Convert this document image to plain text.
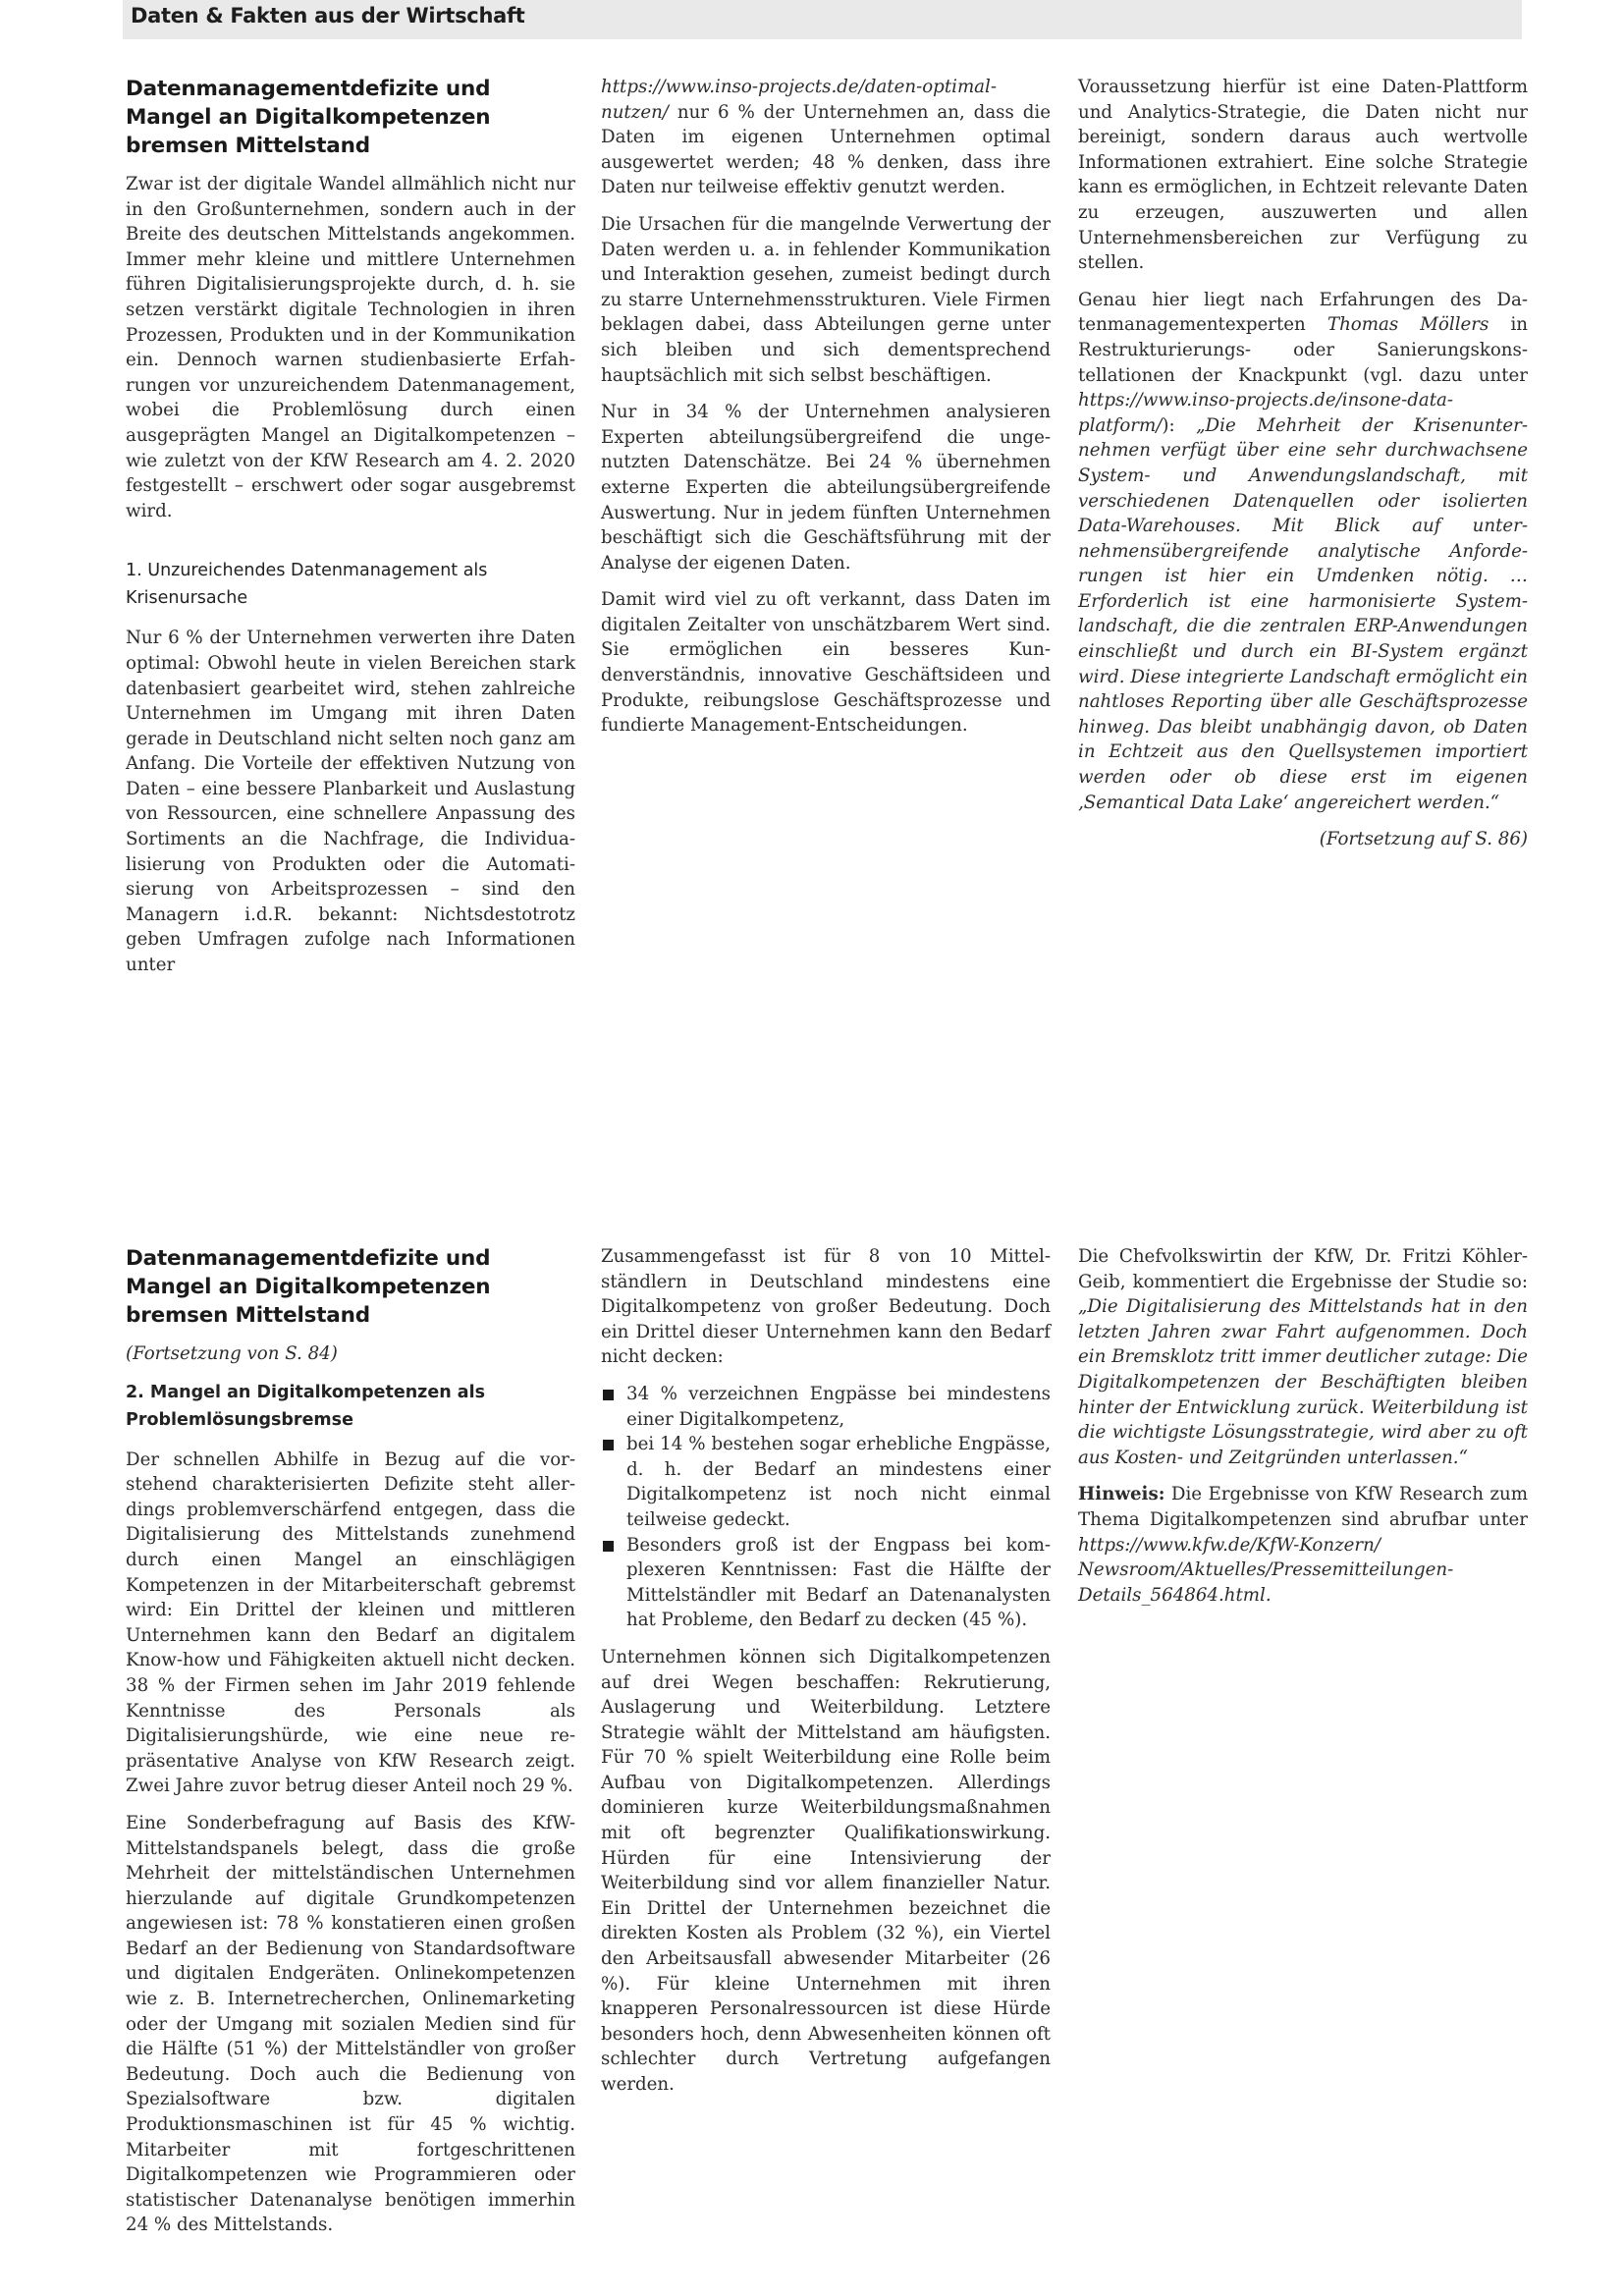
Daten & Fakten aus der Wirtschaft
Datenmanagementdefizite und Mangel an Digitalkompetenzen bremsen Mittelstand

Zwar ist der digitale Wandel allmählich nicht nur in den Großunternehmen, sondern auch in der Breite des deutschen Mittelstands angekommen. Immer mehr kleine und mittlere Unternehmen führen Digitalisierungsprojekte durch, d. h. sie setzen verstärkt digitale Technologien in ihren Prozessen, Produkten und in der Kommunikation ein. Dennoch warnen studienbasierte Erfahrungen vor unzureichendem Datenmanagement, wobei die Problemlösung durch einen ausgeprägten Mangel an Digitalkompetenzen – wie zuletzt von der KfW Research am 4. 2. 2020 festgestellt – erschwert oder sogar ausgebremst wird.

1. Unzureichendes Datenmanagement als Krisenursache

Nur 6 % der Unternehmen verwerten ihre Daten optimal: Obwohl heute in vielen Bereichen stark datenbasiert gearbeitet wird, stehen zahlreiche Unternehmen im Umgang mit ihren Daten gerade in Deutschland nicht selten noch ganz am Anfang. Die Vorteile der effektiven Nutzung von Daten – eine bessere Planbarkeit und Auslastung von Ressourcen, eine schnellere Anpassung des Sortiments an die Nachfrage, die Individualisierung von Produkten oder die Automatisierung von Arbeitsprozessen – sind den Managern i.d.R. bekannt: Nichtsdestotrotz geben Umfragen zufolge nach Informationen unter

https://www.inso-projects.de/daten-optimal-nutzen/ nur 6 % der Unternehmen an, dass die Daten im eigenen Unternehmen optimal ausgewertet werden; 48 % denken, dass ihre Daten nur teilweise effektiv genutzt werden.

Die Ursachen für die mangelnde Verwertung der Daten werden u. a. in fehlender Kommunikation und Interaktion gesehen, zumeist bedingt durch zu starre Unternehmensstrukturen. Viele Firmen beklagen dabei, dass Abteilungen gerne unter sich bleiben und sich dementsprechend hauptsächlich mit sich selbst beschäftigen.

Nur in 34 % der Unternehmen analysieren Experten abteilungsübergreifend die ungenutzten Datenschätze. Bei 24 % übernehmen externe Experten die abteilungsübergreifende Auswertung. Nur in jedem fünften Unternehmen beschäftigt sich die Geschäftsführung mit der Analyse der eigenen Daten.

Damit wird viel zu oft verkannt, dass Daten im digitalen Zeitalter von unschätzbarem Wert sind. Sie ermöglichen ein besseres Kundenverständnis, innovative Geschäftsideen und Produkte, reibungslose Geschäftsprozesse und fundierte Management-Entscheidungen.

Voraussetzung hierfür ist eine Daten-Plattform und Analytics-Strategie, die Daten nicht nur bereinigt, sondern daraus auch wertvolle Informationen extrahiert. Eine solche Strategie kann es ermöglichen, in Echtzeit relevante Daten zu erzeugen, auszuwerten und allen Unternehmensbereichen zur Verfügung zu stellen.

Genau hier liegt nach Erfahrungen des Datenmanagementexperten Thomas Möllers in Restrukturierungs- oder Sanierungskonstellationen der Knackpunkt (vgl. dazu unter https://www.inso-projects.de/insone-dataplatform/): „Die Mehrheit der Krisenunternehmen verfügt über eine sehr durchwachsene System- und Anwendungslandschaft, mit verschiedenen Datenquellen oder isolierten Data-Warehouses. Mit Blick auf unternehmensübergreifende analytische Anforderungen ist hier ein Umdenken nötig. … Erforderlich ist eine harmonisierte Systemlandschaft, die die zentralen ERP-Anwendungen einschließt und durch ein BI-System ergänzt wird. Diese integrierte Landschaft ermöglicht ein nahtloses Reporting über alle Geschäftsprozesse hinweg. Das bleibt unabhängig davon, ob Daten in Echtzeit aus den Quellsystemen importiert werden oder ob diese erst im eigenen ‚Semantical Data Lake‘ angereichert werden.“

(Fortsetzung auf S. 86)

Datenmanagementdefizite und Mangel an Digitalkompetenzen bremsen Mittelstand

(Fortsetzung von S. 84)

2. Mangel an Digitalkompetenzen als Problemlösungsbremse

Der schnellen Abhilfe in Bezug auf die vorstehend charakterisierten Defizite steht allerdings problemverschärfend entgegen, dass die Digitalisierung des Mittelstands zunehmend durch einen Mangel an einschlägigen Kompetenzen in der Mitarbeiterschaft gebremst wird: Ein Drittel der kleinen und mittleren Unternehmen kann den Bedarf an digitalem Know-how und Fähigkeiten aktuell nicht decken. 38 % der Firmen sehen im Jahr 2019 fehlende Kenntnisse des Personals als Digitalisierungshürde, wie eine neue repräsentative Analyse von KfW Research zeigt. Zwei Jahre zuvor betrug dieser Anteil noch 29 %.

Eine Sonderbefragung auf Basis des KfW-Mittelstandspanels belegt, dass die große Mehrheit der mittelständischen Unternehmen hierzulande auf digitale Grundkompetenzen angewiesen ist: 78 % konstatieren einen großen Bedarf an der Bedienung von Standardsoftware und digitalen Endgeräten. Onlinekompetenzen wie z. B. Internetrecherchen, Onlinemarketing oder der Umgang mit sozialen Medien sind für die Hälfte (51 %) der Mittelständler von großer Bedeutung. Doch auch die Bedienung von Spezialsoftware bzw. digitalen Produktionsmaschinen ist für 45 % wichtig. Mitarbeiter mit fortgeschrittenen Digitalkompetenzen wie Programmieren oder statistischer Datenanalyse benötigen immerhin 24 % des Mittelstands.

Zusammengefasst ist für 8 von 10 Mittelständlern in Deutschland mindestens eine Digitalkompetenz von großer Bedeutung. Doch ein Drittel dieser Unternehmen kann den Bedarf nicht decken:

34 % verzeichnen Engpässe bei mindestens einer Digitalkompetenz,
bei 14 % bestehen sogar erhebliche Engpässe, d. h. der Bedarf an mindestens einer Digitalkompetenz ist noch nicht einmal teilweise gedeckt.
Besonders groß ist der Engpass bei komplexeren Kenntnissen: Fast die Hälfte der Mittelständler mit Bedarf an Datenanalysten hat Probleme, den Bedarf zu decken (45 %).

Unternehmen können sich Digitalkompetenzen auf drei Wegen beschaffen: Rekrutierung, Auslagerung und Weiterbildung. Letztere Strategie wählt der Mittelstand am häufigsten. Für 70 % spielt Weiterbildung eine Rolle beim Aufbau von Digitalkompetenzen. Allerdings dominieren kurze Weiterbildungsmaßnahmen mit oft begrenzter Qualifikationswirkung. Hürden für eine Intensivierung der Weiterbildung sind vor allem finanzieller Natur. Ein Drittel der Unternehmen bezeichnet die direkten Kosten als Problem (32 %), ein Viertel den Arbeitsausfall abwesender Mitarbeiter (26 %). Für kleine Unternehmen mit ihren knapperen Personalressourcen ist diese Hürde besonders hoch, denn Abwesenheiten können oft schlechter durch Vertretung aufgefangen werden.

Die Chefvolkswirtin der KfW, Dr. Fritzi Köhler-Geib, kommentiert die Ergebnisse der Studie so: „Die Digitalisierung des Mittelstands hat in den letzten Jahren zwar Fahrt aufgenommen. Doch ein Bremsklotz tritt immer deutlicher zutage: Die Digitalkompetenzen der Beschäftigten bleiben hinter der Entwicklung zurück. Weiterbildung ist die wichtigste Lösungsstrategie, wird aber zu oft aus Kosten- und Zeitgründen unterlassen.“

Hinweis: Die Ergebnisse von KfW Research zum Thema Digitalkompetenzen sind abrufbar unter https://www.kfw.de/KfW-Konzern/ Newsroom/Aktuelles/Pressemitteilungen-Details_564864.html.
